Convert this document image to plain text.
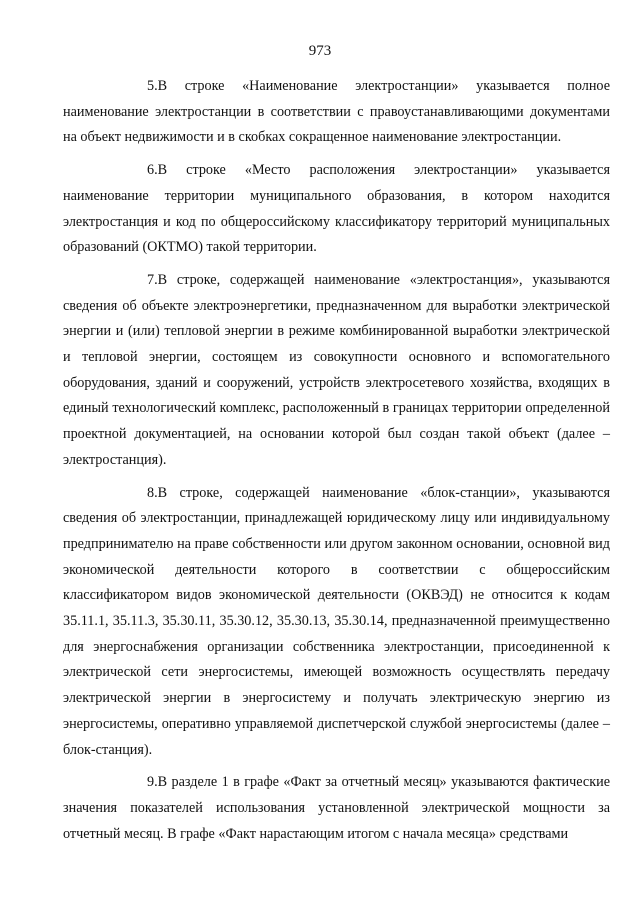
973

5.В строке «Наименование электростанции» указывается полное наименование электростанции в соответствии с правоустанавливающими документами на объект недвижимости и в скобках сокращенное наименование электростанции.

6.В строке «Место расположения электростанции» указывается наименование территории муниципального образования, в котором находится электростанция и код по общероссийскому классификатору территорий муниципальных образований (ОКТМО) такой территории.

7.В строке, содержащей наименование «электростанция», указываются сведения об объекте электроэнергетики, предназначенном для выработки электрической энергии и (или) тепловой энергии в режиме комбинированной выработки электрической и тепловой энергии, состоящем из совокупности основного и вспомогательного оборудования, зданий и сооружений, устройств электросетевого хозяйства, входящих в единый технологический комплекс, расположенный в границах территории определенной проектной документацией, на основании которой был создан такой объект (далее – электростанция).

8.В строке, содержащей наименование «блок-станции», указываются сведения об электростанции, принадлежащей юридическому лицу или индивидуальному предпринимателю на праве собственности или другом законном основании, основной вид экономической деятельности которого в соответствии с общероссийским классификатором видов экономической деятельности (ОКВЭД) не относится к кодам 35.11.1, 35.11.3, 35.30.11, 35.30.12, 35.30.13, 35.30.14, предназначенной преимущественно для энергоснабжения организации собственника электростанции, присоединенной к электрической сети энергосистемы, имеющей возможность осуществлять передачу электрической энергии в энергосистему и получать электрическую энергию из энергосистемы, оперативно управляемой диспетчерской службой энергосистемы (далее – блок-станция).

9.В разделе 1 в графе «Факт за отчетный месяц» указываются фактические значения показателей использования установленной электрической мощности за отчетный месяц. В графе «Факт нарастающим итогом с начала месяца» средствами
